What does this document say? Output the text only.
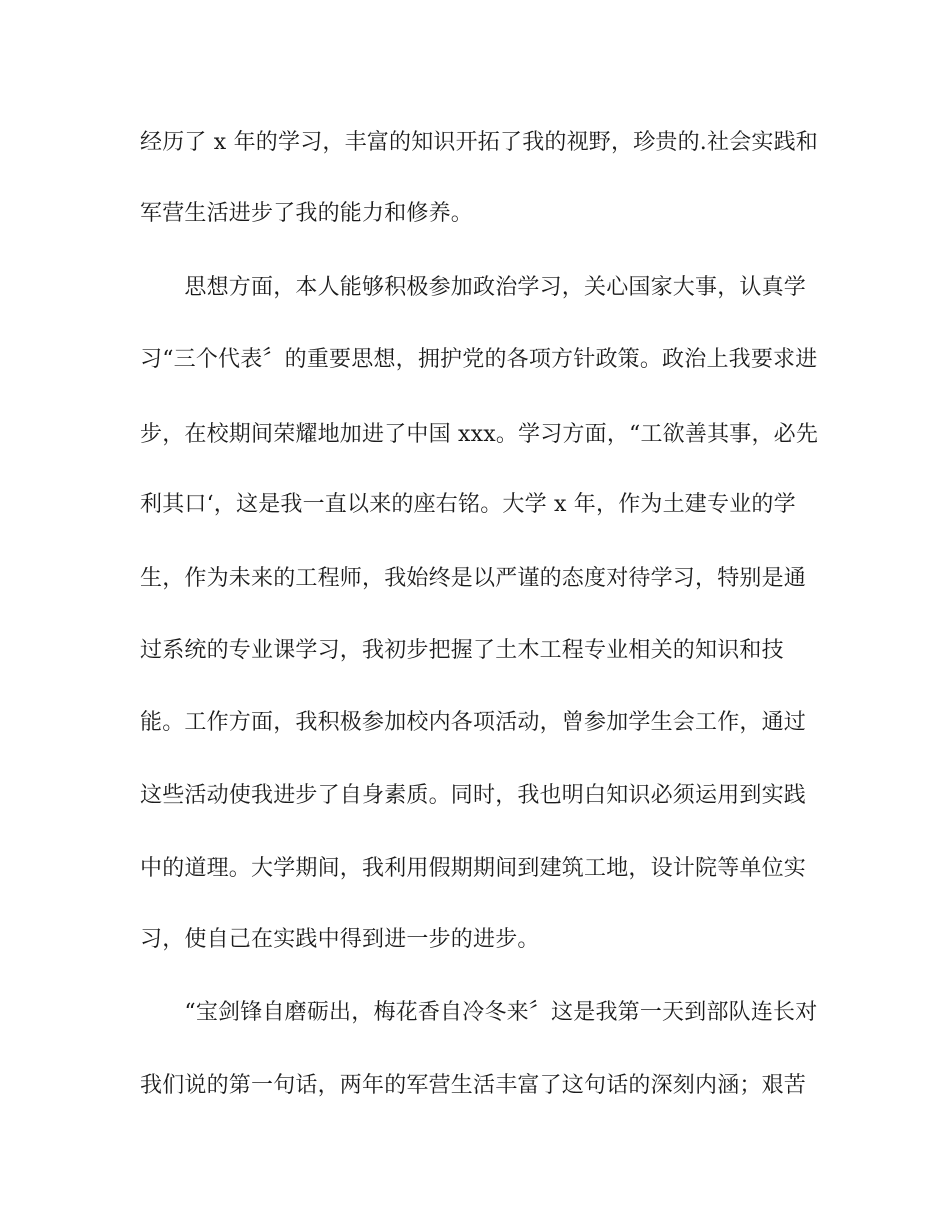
经历了 x 年的学习，丰富的知识开拓了我的视野，珍贵的.社会实践和
军营生活进步了我的能力和修养。
　　思想方面，本人能够积极参加政治学习，关心国家大事，认真学
习“三个代表〞的重要思想，拥护党的各项方针政策。政治上我要求进
步，在校期间荣耀地加进了中国 xxx。学习方面，“工欲善其事，必先
利其口‘，这是我一直以来的座右铭。大学 x 年，作为土建专业的学
生，作为未来的工程师，我始终是以严谨的态度对待学习，特别是通
过系统的专业课学习，我初步把握了土木工程专业相关的知识和技
能。工作方面，我积极参加校内各项活动，曾参加学生会工作，通过
这些活动使我进步了自身素质。同时，我也明白知识必须运用到实践
中的道理。大学期间，我利用假期期间到建筑工地，设计院等单位实
习，使自己在实践中得到进一步的进步。
　　“宝剑锋自磨砺出，梅花香自冷冬来〞这是我第一天到部队连长对
我们说的第一句话，两年的军营生活丰富了这句话的深刻内涵；艰苦
